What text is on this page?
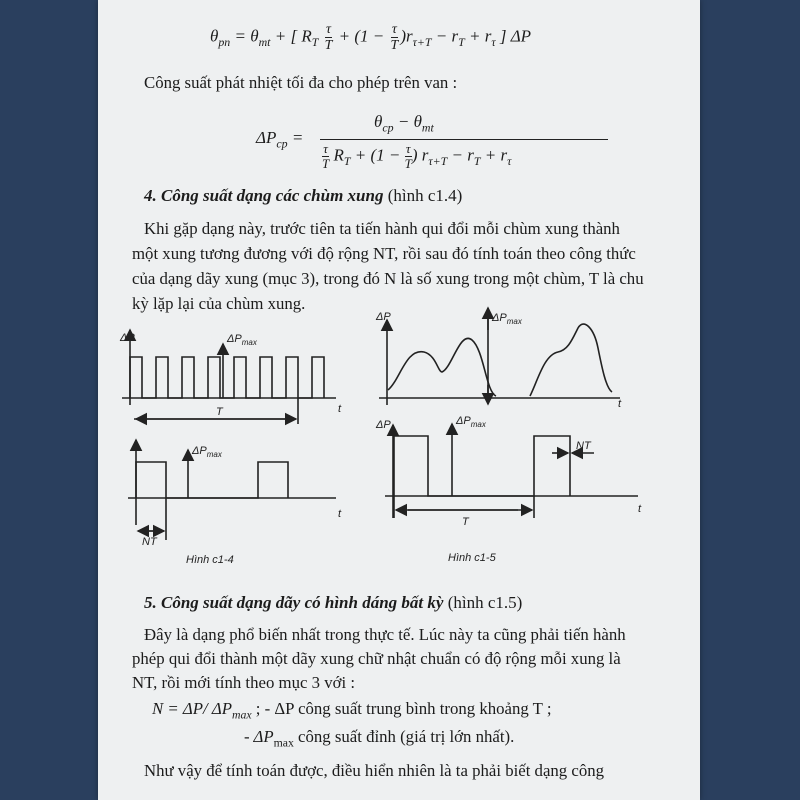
$\theta_{pn} = \theta_{mt}$ + [ $R_T \frac{\tau}{T} + (1 - \frac{\tau}{T} )r_{\tau+T} - r_T + r_\tau$ ] ΔP
Công suất phát nhiệt tối đa cho phép trên van :
$\Delta P_{cp}$ =
$\theta_{cp} - \theta_{mt}$
$\frac{\tau}{T} R_T + (1 - \frac{\tau}{T}$ ) $r_{\tau+T} - r_T + r_\tau$
4. Công suất dạng các chùm xung (hình c1.4)
Khi gặp dạng này, trước tiên ta tiến hành qui đổi mỗi chùm xung thành
một xung tương đương với độ rộng NT, rồi sau đó tính toán theo công thức
của dạng dãy xung (mục 3), trong đó N là số xung trong một chùm, T là chu
kỳ lặp lại của chùm xung.
ΔP	$\Delta P_{max}$
t
T
$\Delta P_{max}$
t
NT
ΔP	$\Delta P_{max}$
t
ΔP	$\Delta P_{max}$
NT
t
T
Hình c1-4	Hình c1-5
5. Công suất dạng dãy có hình dáng bất kỳ (hình c1.5)
Đây là dạng phổ biến nhất trong thực tế. Lúc này ta cũng phải tiến hành
phép qui đổi thành một dãy xung chữ nhật chuẩn có độ rộng mỗi xung là
NT, rồi mới tính theo mục 3 với :
N = ΔP/ $\Delta P_{max}$ ; - ΔP công suất trung bình trong khoảng T ;
- $\Delta P_{max}$ công suất đỉnh (giá trị lớn nhất).
Như vậy để tính toán được, điều hiển nhiên là ta phải biết dạng công
